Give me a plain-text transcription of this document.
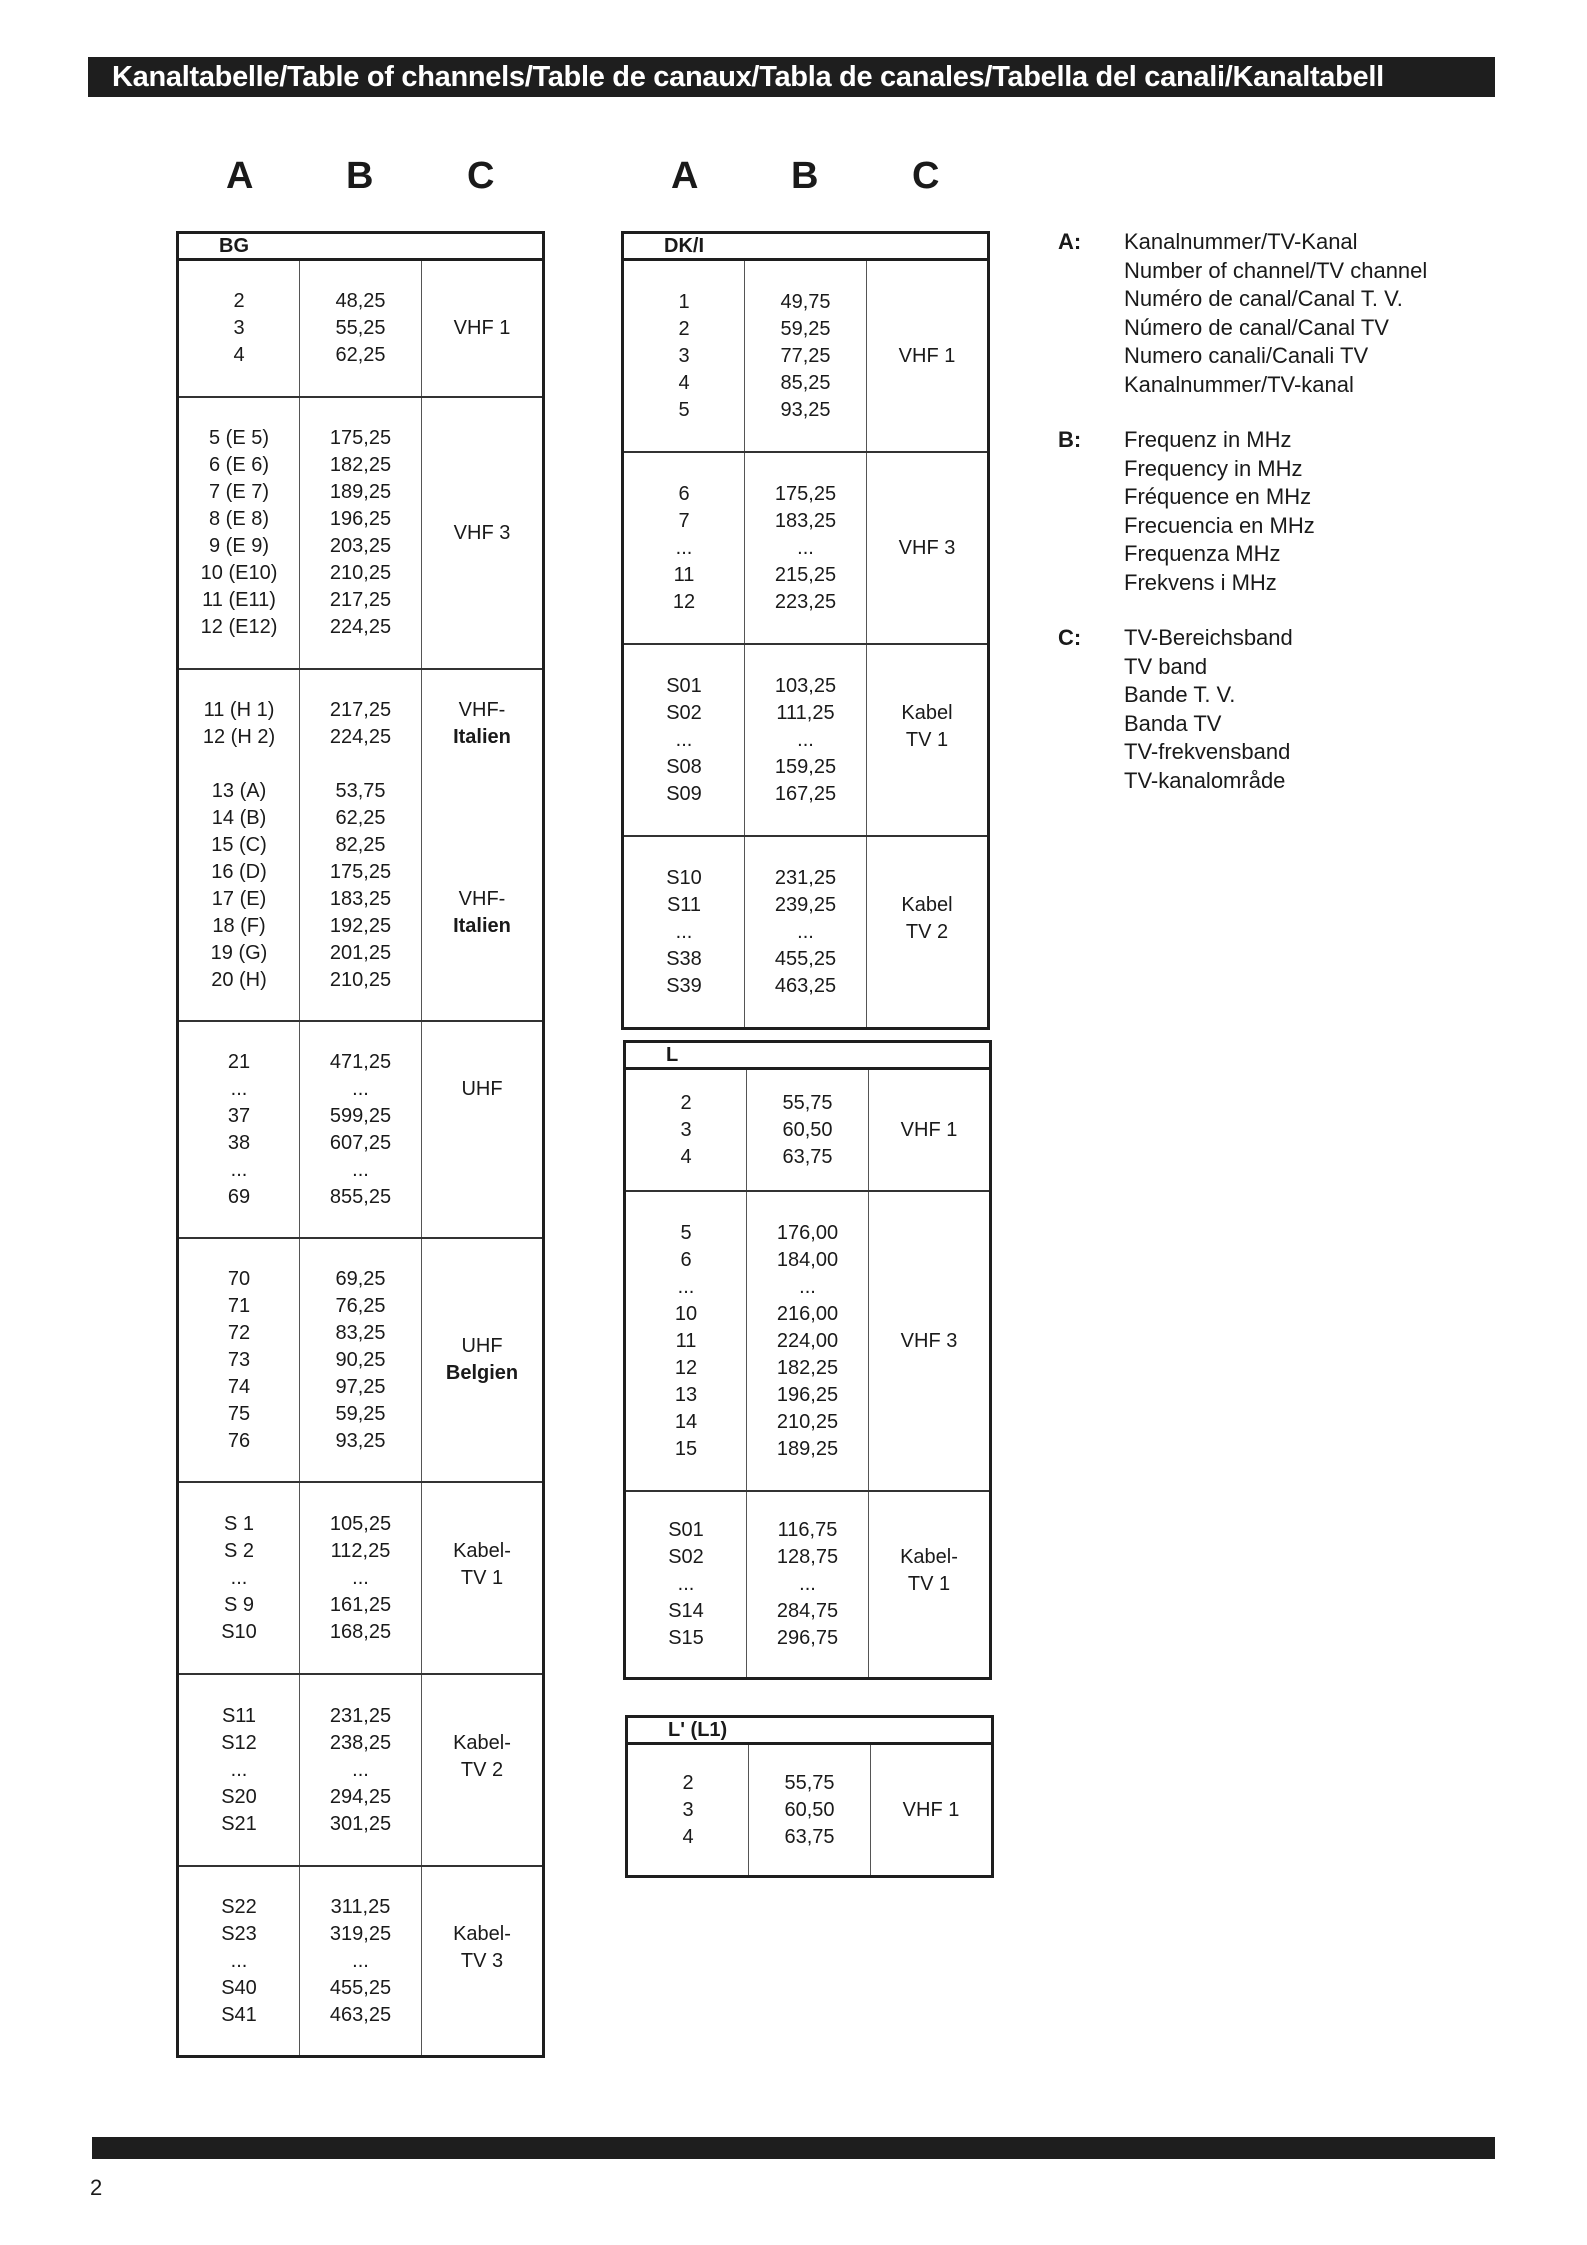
Kanaltabelle/Table of channels/Table de canaux/Tabla de canales/Tabella del canali/Kanaltabell
A B C	A B C
BG
2
3
4
48,25
55,25
62,25
VHF 1
5 (E 5)
6 (E 6)
7 (E 7)
8 (E 8)
9 (E 9)
10 (E10)
11 (E11)
12 (E12)
175,25
182,25
189,25
196,25
203,25
210,25
217,25
224,25
VHF 3
11 (H 1)
12 (H 2)
13 (A)
14 (B)
15 (C)
16 (D)
17 (E)
18 (F)
19 (G)
20 (H)
217,25
224,25
53,75
62,25
82,25
175,25
183,25
192,25
201,25
210,25
VHF-
Italien
VHF-
Italien
21
...
37
38
...
69
471,25
...
599,25
607,25
...
855,25
UHF
70
71
72
73
74
75
76
69,25
76,25
83,25
90,25
97,25
59,25
93,25
UHF
Belgien
S 1
S 2
...
S 9
S10
105,25
112,25
...
161,25
168,25
Kabel-
TV 1
S11
S12
...
S20
S21
231,25
238,25
...
294,25
301,25
Kabel-
TV 2
S22
S23
...
S40
S41
311,25
319,25
...
455,25
463,25
Kabel-
TV 3
DK/I
1
2
3
4
5
49,75
59,25
77,25
85,25
93,25
VHF 1
6
7
...
11
12
175,25
183,25
...
215,25
223,25
VHF 3
S01
S02
...
S08
S09
103,25
111,25
...
159,25
167,25
Kabel
TV 1
S10
S11
...
S38
S39
231,25
239,25
...
455,25
463,25
Kabel
TV 2
L
2
3
4
55,75
60,50
63,75
VHF 1
5
6
...
10
11
12
13
14
15
176,00
184,00
...
216,00
224,00
182,25
196,25
210,25
189,25
VHF 3
S01
S02
...
S14
S15
116,75
128,75
...
284,75
296,75
Kabel-
TV 1
L' (L1)
2
3
4
55,75
60,50
63,75
VHF 1
A: Kanalnummer/TV-Kanal
Number of channel/TV channel
Numéro de canal/Canal T. V.
Número de canal/Canal TV
Numero canali/Canali TV
Kanalnummer/TV-kanal
B: Frequenz in MHz
Frequency in MHz
Fréquence en MHz
Frecuencia en MHz
Frequenza MHz
Frekvens i MHz
C: TV-Bereichsband
TV band
Bande T. V.
Banda TV
TV-frekvensband
TV-kanalområde
2
